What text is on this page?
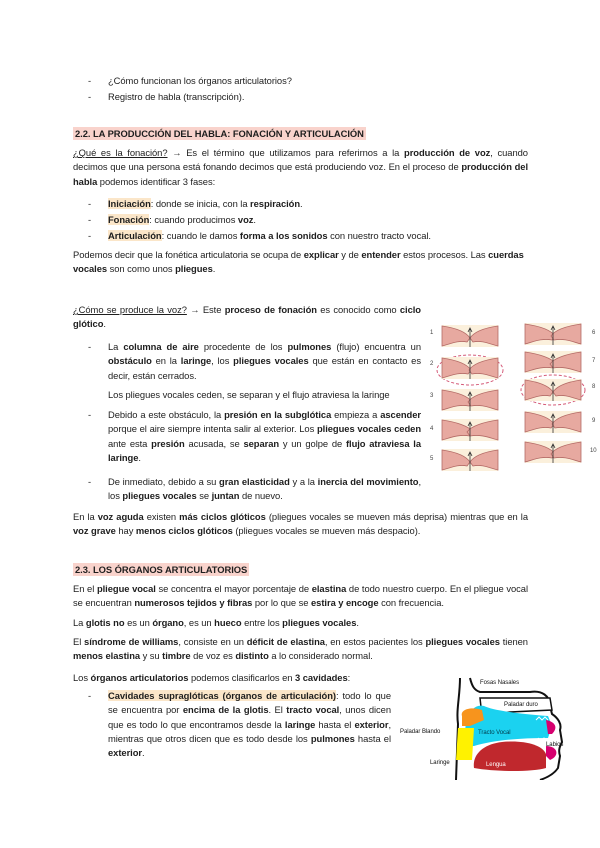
- ¿Cómo funcionan los órganos articulatorios?
- Registro de habla (transcripción).
2.2. LA PRODUCCIÓN DEL HABLA: FONACIÓN Y ARTICULACIÓN
¿Qué es la fonación? → Es el término que utilizamos para referirnos a la producción de voz, cuando decimos que una persona está fonando decimos que está produciendo voz. En el proceso de producción del habla podemos identificar 3 fases:
- Iniciación: donde se inicia, con la respiración.
- Fonación: cuando producimos voz.
- Articulación: cuando le damos forma a los sonidos con nuestro tracto vocal.
Podemos decir que la fonética articulatoria se ocupa de explicar y de entender estos procesos. Las cuerdas vocales son como unos pliegues.
¿Cómo se produce la voz? → Este proceso de fonación es conocido como ciclo glótico.
- La columna de aire procedente de los pulmones (flujo) encuentra un obstáculo en la laringe, los pliegues vocales que están en contacto es decir, están cerrados.
Los pliegues vocales ceden, se separan y el flujo atraviesa la laringe
- Debido a este obstáculo, la presión en la subglótica empieza a ascender porque el aire siempre intenta salir al exterior. Los pliegues vocales ceden ante esta presión acusada, se separan y un golpe de flujo atraviesa la laringe.
- De inmediato, debido a su gran elasticidad y a la inercia del movimiento, los pliegues vocales se juntan de nuevo.
En la voz aguda existen más ciclos glóticos (pliegues vocales se mueven más deprisa) mientras que en la voz grave hay menos ciclos glóticos (pliegues vocales se mueven más despacio).
1
2
3
4
5
6
7
8
9
10
2.3. LOS ÓRGANOS ARTICULATORIOS
En el pliegue vocal se concentra el mayor porcentaje de elastina de todo nuestro cuerpo. En el pliegue vocal se encuentran numerosos tejidos y fibras por lo que se estira y encoge con frecuencia.
La glotis no es un órgano, es un hueco entre los pliegues vocales.
El síndrome de williams, consiste en un déficit de elastina, en estos pacientes los pliegues vocales tienen menos elastina y su timbre de voz es distinto a lo considerado normal.
Los órganos articulatorios podemos clasificarlos en 3 cavidades:
- Cavidades supraglóticas (órganos de articulación): todo lo que se encuentra por encima de la glotis. El tracto vocal, unos dicen que es todo lo que encontramos desde la laringe hasta el exterior, mientras que otros dicen que es todo desde los pulmones hasta el exterior.
Fosas Nasales
Paladar duro
Paladar Blando	Tracto Vocal
Labios
Laringe	Lengua
